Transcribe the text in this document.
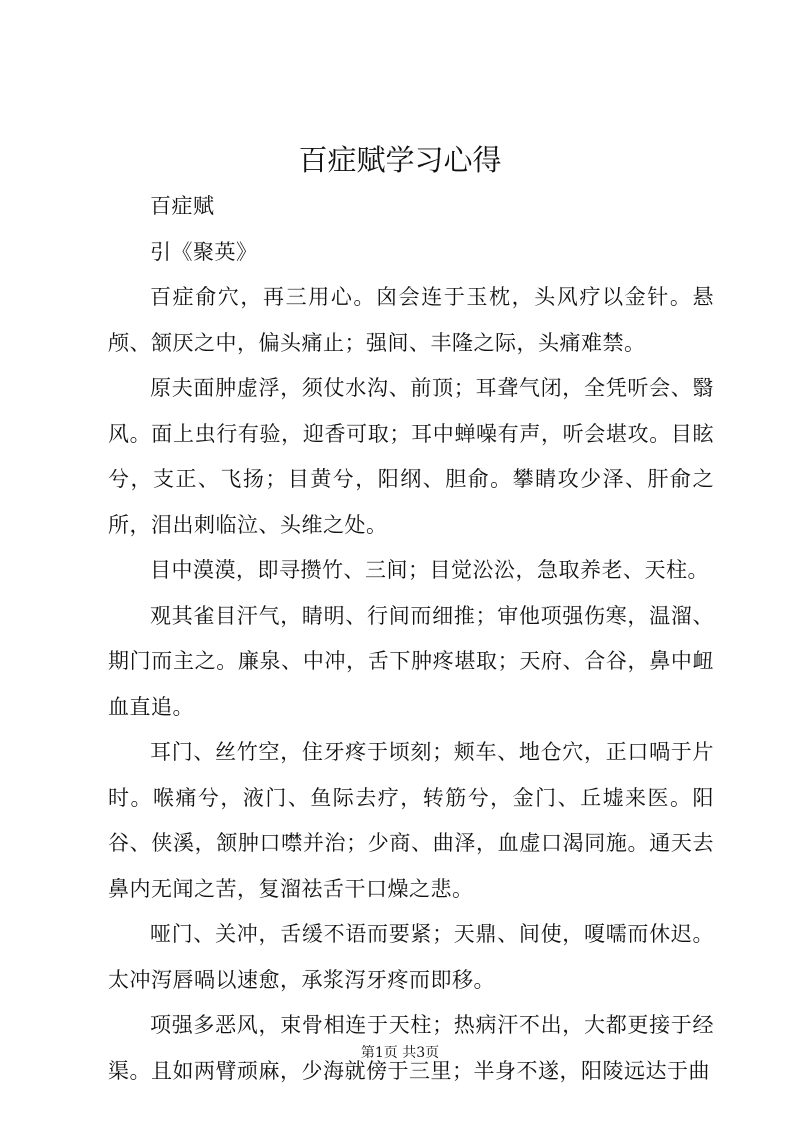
百症赋学习心得

百症赋

引《聚英》

百症俞穴，再三用心。囟会连于玉枕，头风疗以金针。悬颅、颔厌之中，偏头痛止；强间、丰隆之际，头痛难禁。

原夫面肿虚浮，须仗水沟、前顶；耳聋气闭，全凭听会、翳风。面上虫行有验，迎香可取；耳中蝉噪有声，听会堪攻。目眩兮，支正、飞扬；目黄兮，阳纲、胆俞。攀睛攻少泽、肝俞之所，泪出刺临泣、头维之处。

目中漠漠，即寻攒竹、三间；目觉㳂㳂，急取养老、天柱。

观其雀目汗气，睛明、行间而细推；审他项强伤寒，温溜、期门而主之。廉泉、中冲，舌下肿疼堪取；天府、合谷，鼻中衄血直追。

耳门、丝竹空，住牙疼于顷刻；颊车、地仓穴，正口喎于片时。喉痛兮，液门、鱼际去疗，转筋兮，金门、丘墟来医。阳谷、侠溪，颔肿口噤并治；少商、曲泽，血虚口渴同施。通天去鼻内无闻之苦，复溜祛舌干口燥之悲。

哑门、关冲，舌缓不语而要紧；天鼎、间使，嗄嚅而休迟。太冲泻唇喎以速愈，承浆泻牙疼而即移。

项强多恶风，束骨相连于天柱；热病汗不出，大都更接于经渠。且如两臂顽麻，少海就傍于三里；半身不遂，阳陵远达于曲

第1页 共3页
